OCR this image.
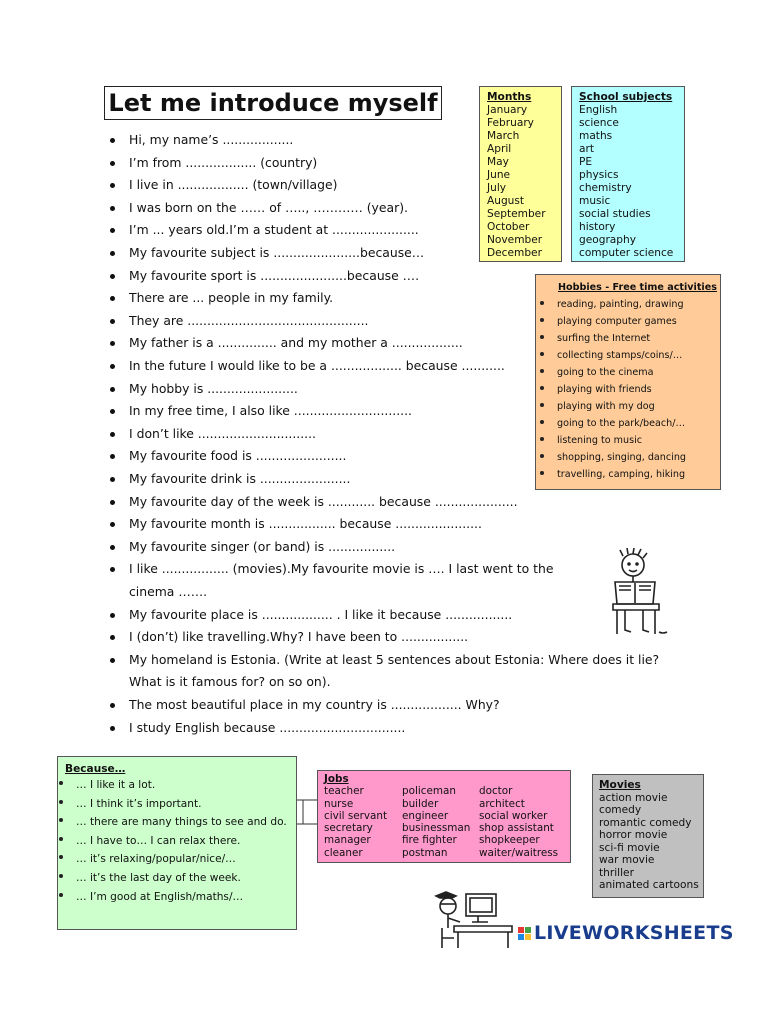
Let me introduce myself
Hi, my name’s ..................
I’m from .................. (country)
I live in .................. (town/village)
I was born on the …… of ….., ………… (year).
I’m ... years old.I’m a student at ......................
My favourite subject is ......................because…
My favourite sport is ......................because ….
There are ... people in my family.
They are ..............................................
My father is a ............... and my mother a ..................
In the future I would like to be a .................. because ...........
My hobby is .......................
In my free time, I also like ..............................
I don’t like ..............................
My favourite food is .......................
My favourite drink is .......................
My favourite day of the week is ............ because .....................
My favourite month is ................. because ......................
My favourite singer (or band) is .................
I like ................. (movies).My favourite movie is …. I last went to the
cinema …….
My favourite place is .................. . I like it because .................
I (don’t) like travelling.Why? I have been to .................
My homeland is Estonia. (Write at least 5 sentences about Estonia: Where does it lie?
What is it famous for? on so on).
The most beautiful place in my country is .................. Why?
I study English because ................................
Months
January
February
March
April
May
June
July
August
September
October
November
December
School subjects
English
science
maths
art
PE
physics
chemistry
music
social studies
history
geography
computer science
Hobbies - Free time activities
reading, painting, drawing
playing computer games
surfing the Internet
collecting stamps/coins/…
going to the cinema
playing with friends
playing with my dog
going to the park/beach/…
listening to music
shopping, singing, dancing
travelling, camping, hiking
Because…
… I like it a lot.
… I think it’s important.
… there are many things to see and do.
… I have to… I can relax there.
… it’s relaxing/popular/nice/…
… it’s the last day of the week.
… I’m good at English/maths/…
Jobs
teacher
nurse
civil servant
secretary
manager
cleaner
policeman
builder
engineer
businessman
fire fighter
postman
doctor
architect
social worker
shop assistant
shopkeeper
waiter/waitress
Movies
action movie
comedy
romantic comedy
horror movie
sci-fi movie
war movie
thriller
animated cartoons
LIVEWORKSHEETS
